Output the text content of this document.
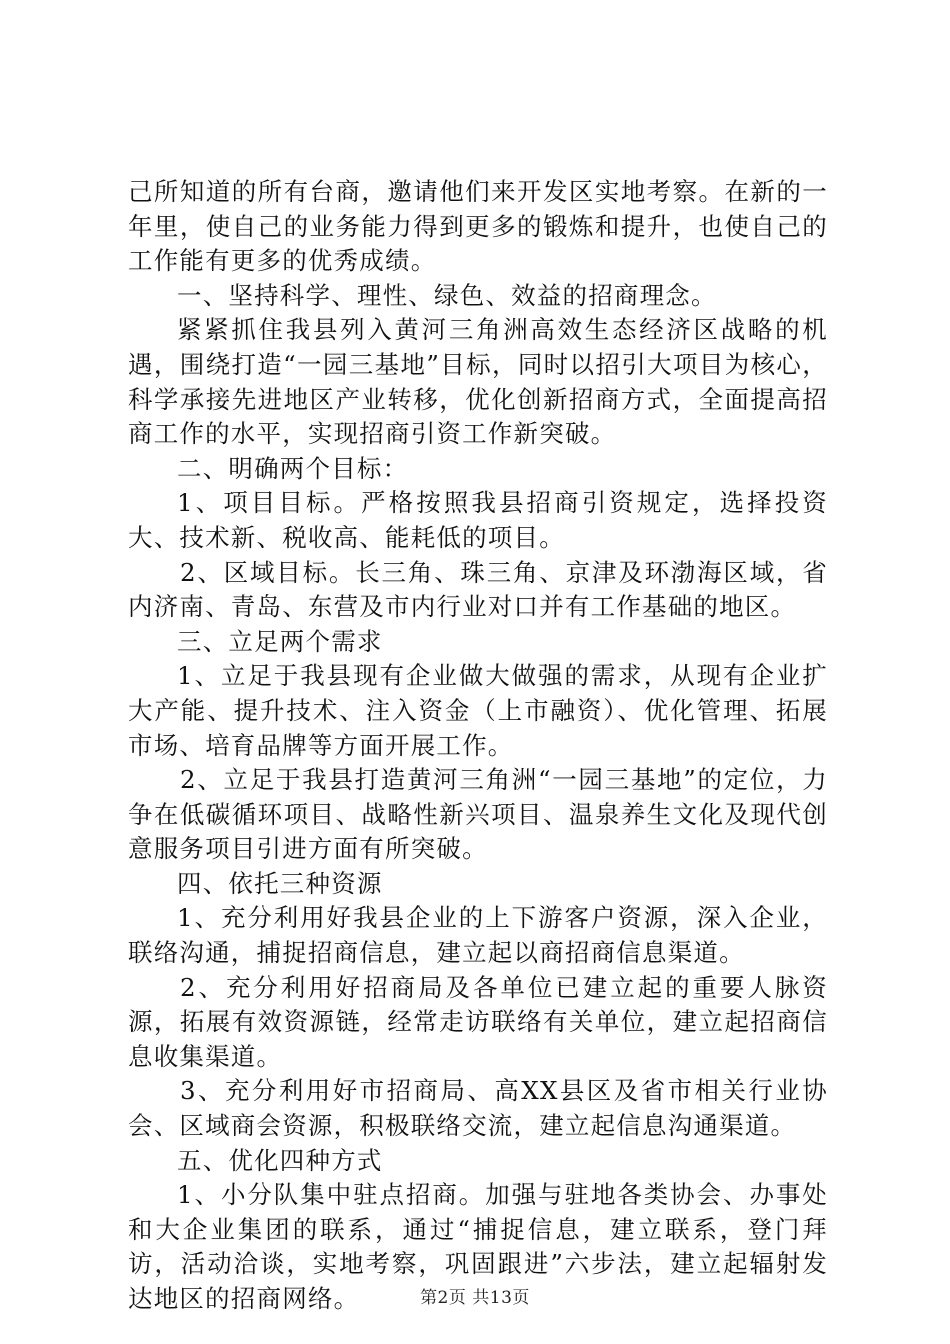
己所知道的所有台商，邀请他们来开发区实地考察。在新的一年里，使自己的业务能力得到更多的锻炼和提升，也使自己的工作能有更多的优秀成绩。

一、坚持科学、理性、绿色、效益的招商理念。

紧紧抓住我县列入黄河三角洲高效生态经济区战略的机遇，围绕打造“一园三基地”目标，同时以招引大项目为核心，科学承接先进地区产业转移，优化创新招商方式，全面提高招商工作的水平，实现招商引资工作新突破。

二、明确两个目标：

1、项目目标。严格按照我县招商引资规定，选择投资大、技术新、税收高、能耗低的项目。

2、区域目标。长三角、珠三角、京津及环渤海区域，省内济南、青岛、东营及市内行业对口并有工作基础的地区。

三、立足两个需求

1、立足于我县现有企业做大做强的需求，从现有企业扩大产能、提升技术、注入资金（上市融资）、优化管理、拓展市场、培育品牌等方面开展工作。

2、立足于我县打造黄河三角洲“一园三基地”的定位，力争在低碳循环项目、战略性新兴项目、温泉养生文化及现代创意服务项目引进方面有所突破。

四、依托三种资源

1、充分利用好我县企业的上下游客户资源，深入企业，联络沟通，捕捉招商信息，建立起以商招商信息渠道。

2、充分利用好招商局及各单位已建立起的重要人脉资源，拓展有效资源链，经常走访联络有关单位，建立起招商信息收集渠道。

3、充分利用好市招商局、高XX县区及省市相关行业协会、区域商会资源，积极联络交流，建立起信息沟通渠道。

五、优化四种方式

1、小分队集中驻点招商。加强与驻地各类协会、办事处和大企业集团的联系，通过“捕捉信息，建立联系，登门拜访，活动洽谈，实地考察，巩固跟进”六步法，建立起辐射发达地区的招商网络。	第2页 共13页
